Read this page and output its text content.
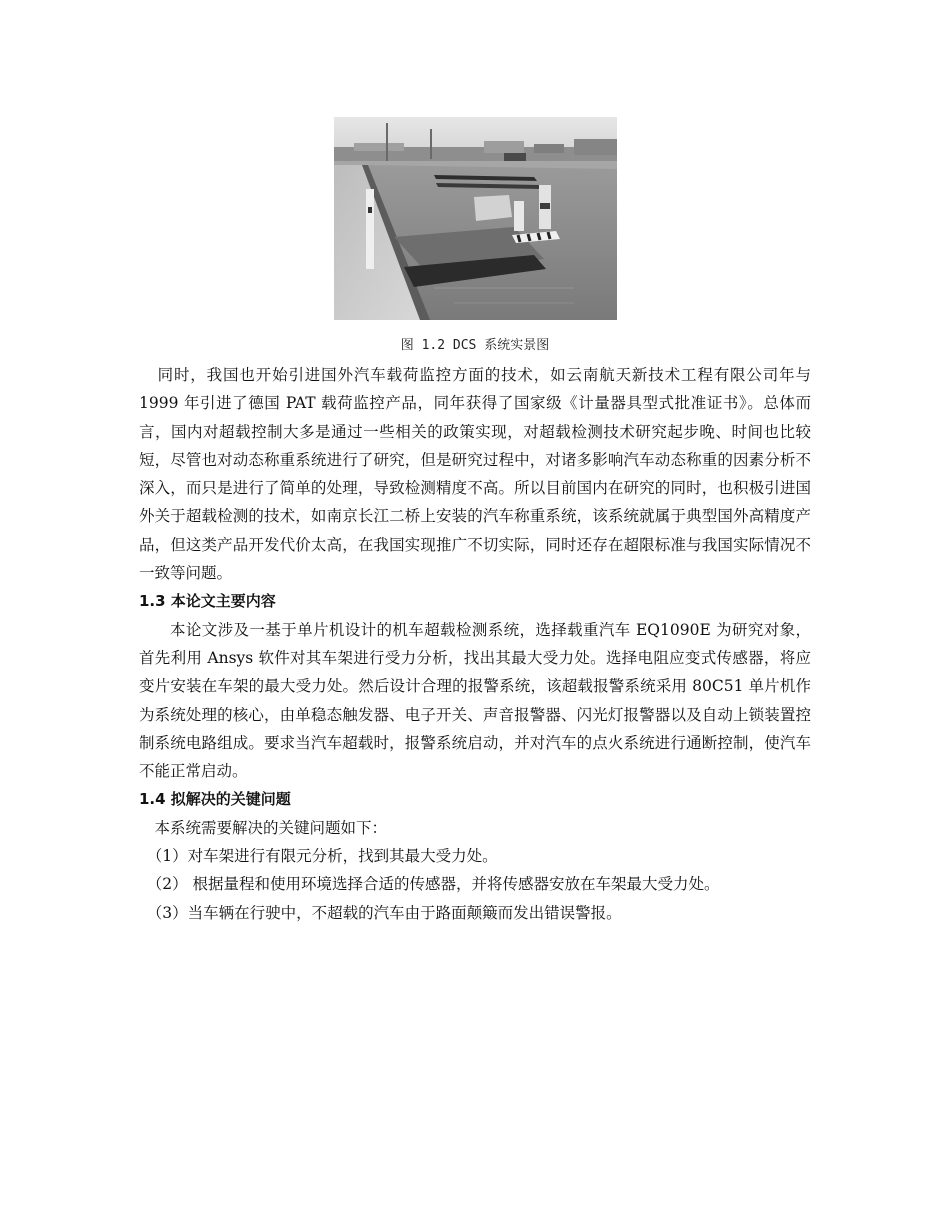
图 1.2 DCS 系统实景图

同时，我国也开始引进国外汽车载荷监控方面的技术，如云南航天新技术工程有限公司年与 1999 年引进了德国 PAT 载荷监控产品，同年获得了国家级《计量器具型式批准证书》。总体而言，国内对超载控制大多是通过一些相关的政策实现，对超载检测技术研究起步晚、时间也比较短，尽管也对动态称重系统进行了研究，但是研究过程中，对诸多影响汽车动态称重的因素分析不深入，而只是进行了简单的处理，导致检测精度不高。所以目前国内在研究的同时，也积极引进国外关于超载检测的技术，如南京长江二桥上安装的汽车称重系统，该系统就属于典型国外高精度产品，但这类产品开发代价太高，在我国实现推广不切实际，同时还存在超限标准与我国实际情况不一致等问题。

1.3 本论文主要内容

本论文涉及一基于单片机设计的机车超载检测系统，选择载重汽车 EQ1090E 为研究对象，首先利用 Ansys 软件对其车架进行受力分析，找出其最大受力处。选择电阻应变式传感器，将应变片安装在车架的最大受力处。然后设计合理的报警系统，该超载报警系统采用 80C51 单片机作为系统处理的核心，由单稳态触发器、电子开关、声音报警器、闪光灯报警器以及自动上锁装置控制系统电路组成。要求当汽车超载时，报警系统启动，并对汽车的点火系统进行通断控制，使汽车不能正常启动。

1.4 拟解决的关键问题

本系统需要解决的关键问题如下：

（1）对车架进行有限元分析，找到其最大受力处。

（2） 根据量程和使用环境选择合适的传感器，并将传感器安放在车架最大受力处。

（3）当车辆在行驶中，不超载的汽车由于路面颠簸而发出错误警报。
